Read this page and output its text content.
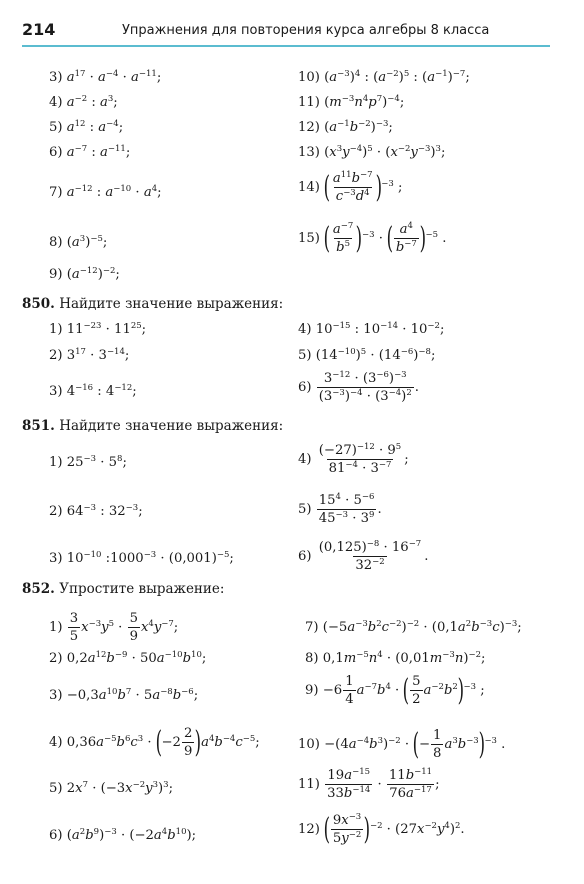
214	Упражнения для повторения курса алгебры 8 класса
3) $a^{17} \cdot a^{-4} \cdot a^{-11}$;
4) $a^{-2}$ : $a^3$;
5) $a^{12}$ : $a^{-4}$;
6) $a^{-7}$ : $a^{-11}$;
7) $a^{-12}$ : $a^{-10} \cdot a^4$;
8) $(a^3)^{-5}$;
9) $(a^{-12})^{-2}$;
10) $(a^{-3})^4$ : $(a^{-2})^5$ : $(a^{-1})^{-7}$;
11) $(m^{-3}n^4p^7)^{-4}$;
12) $(a^{-1}b^{-2})^{-3}$;
13) $(x^3y^{-4})^5 \cdot (x^{-2}y^{-3})^3$;
14) ( $\frac{a^{11}b^{-7}}{c^{-3}d^4} )^{-3}$ ;
15) ( $\frac{a^{-7}}{b^5} )^{-3}$ · ( $\frac{a^4}{b^{-7}} )^{-5}$ .
850. Найдите значение выражения:
1) $11^{-23} \cdot 11^{25}$;
2) $3^{17} \cdot 3^{-14}$;
3) $4^{-16}$ : $4^{-12}$;
4) $10^{-15}$ : $10^{-14} \cdot 10^{-2}$;
5) $(14^{-10})^5 \cdot (14^{-6})^{-8}$;
$6) \frac{3^{-12} \cdot (3^{-6})^{-3}}{(3^{-3})^{-4} \cdot (3^{-4})^2}$ .
851. Найдите значение выражения:
1) $25^{-3} \cdot 5^8$;
2) $64^{-3}$ : $32^{-3}$;
3) $10^{-10}$ $:1000^{-3} \cdot (0,001)^{-5}$;
$4) \frac{(-27)^{-12} \cdot 9^5}{81^{-4} \cdot 3^{-7}}$ ;
$5) \frac{15^4 \cdot 5^{-6}}{45^{-3} \cdot 3^9}$ .
$6) \frac{(0,125)^{-8} \cdot 16^{-7}}{32^{-2}}$ .
852. Упростите выражение:
$1) \frac{3}{5} x^{-3}y^5 \cdot \frac{5}{9} x^4y^{-7}$;
2) $0,2a^{12}b^{-9} \cdot 50a^{-10}b^{10}$;
$3) -0,3a^{10}b^7 \cdot 5a^{-8}b^{-6}$;
4) $0,36a^{-5}b^6c^3 \cdot (-2 \frac{2}{9} )a^4b^{-4}c^{-5}$;
5) $2x^7 \cdot (-3x^{-2}y^3)^3$;
6) $(a^2b^9)^{-3} \cdot (-2a^4b^{10})$;
7) $(-5a^{-3}b^2c^{-2})^{-2} \cdot (0,1a^2b^{-3}c)^{-3}$;
8) $0,1m^{-5}n^4 \cdot (0,01m^{-3}n)^{-2}$;
$9) -6 \frac{1}{4} a^{-7}b^4$ · ( $\frac{5}{2} a^{-2}b^2)^{-3}$ ;
$10) -(4a^{-4}b^3)^{-2}$ · (− $\frac{1}{8} a^3b^{-3})^{-3}$ .
$11) \frac{19a^{-15}}{33b^{-14}} \cdot \frac{11b^{-11}}{76a^{-17}}$ ;
12) ( $\frac{9x^{-3}}{5y^{-2}} )^{-2} \cdot (27x^{-2}y^4)^2$.
